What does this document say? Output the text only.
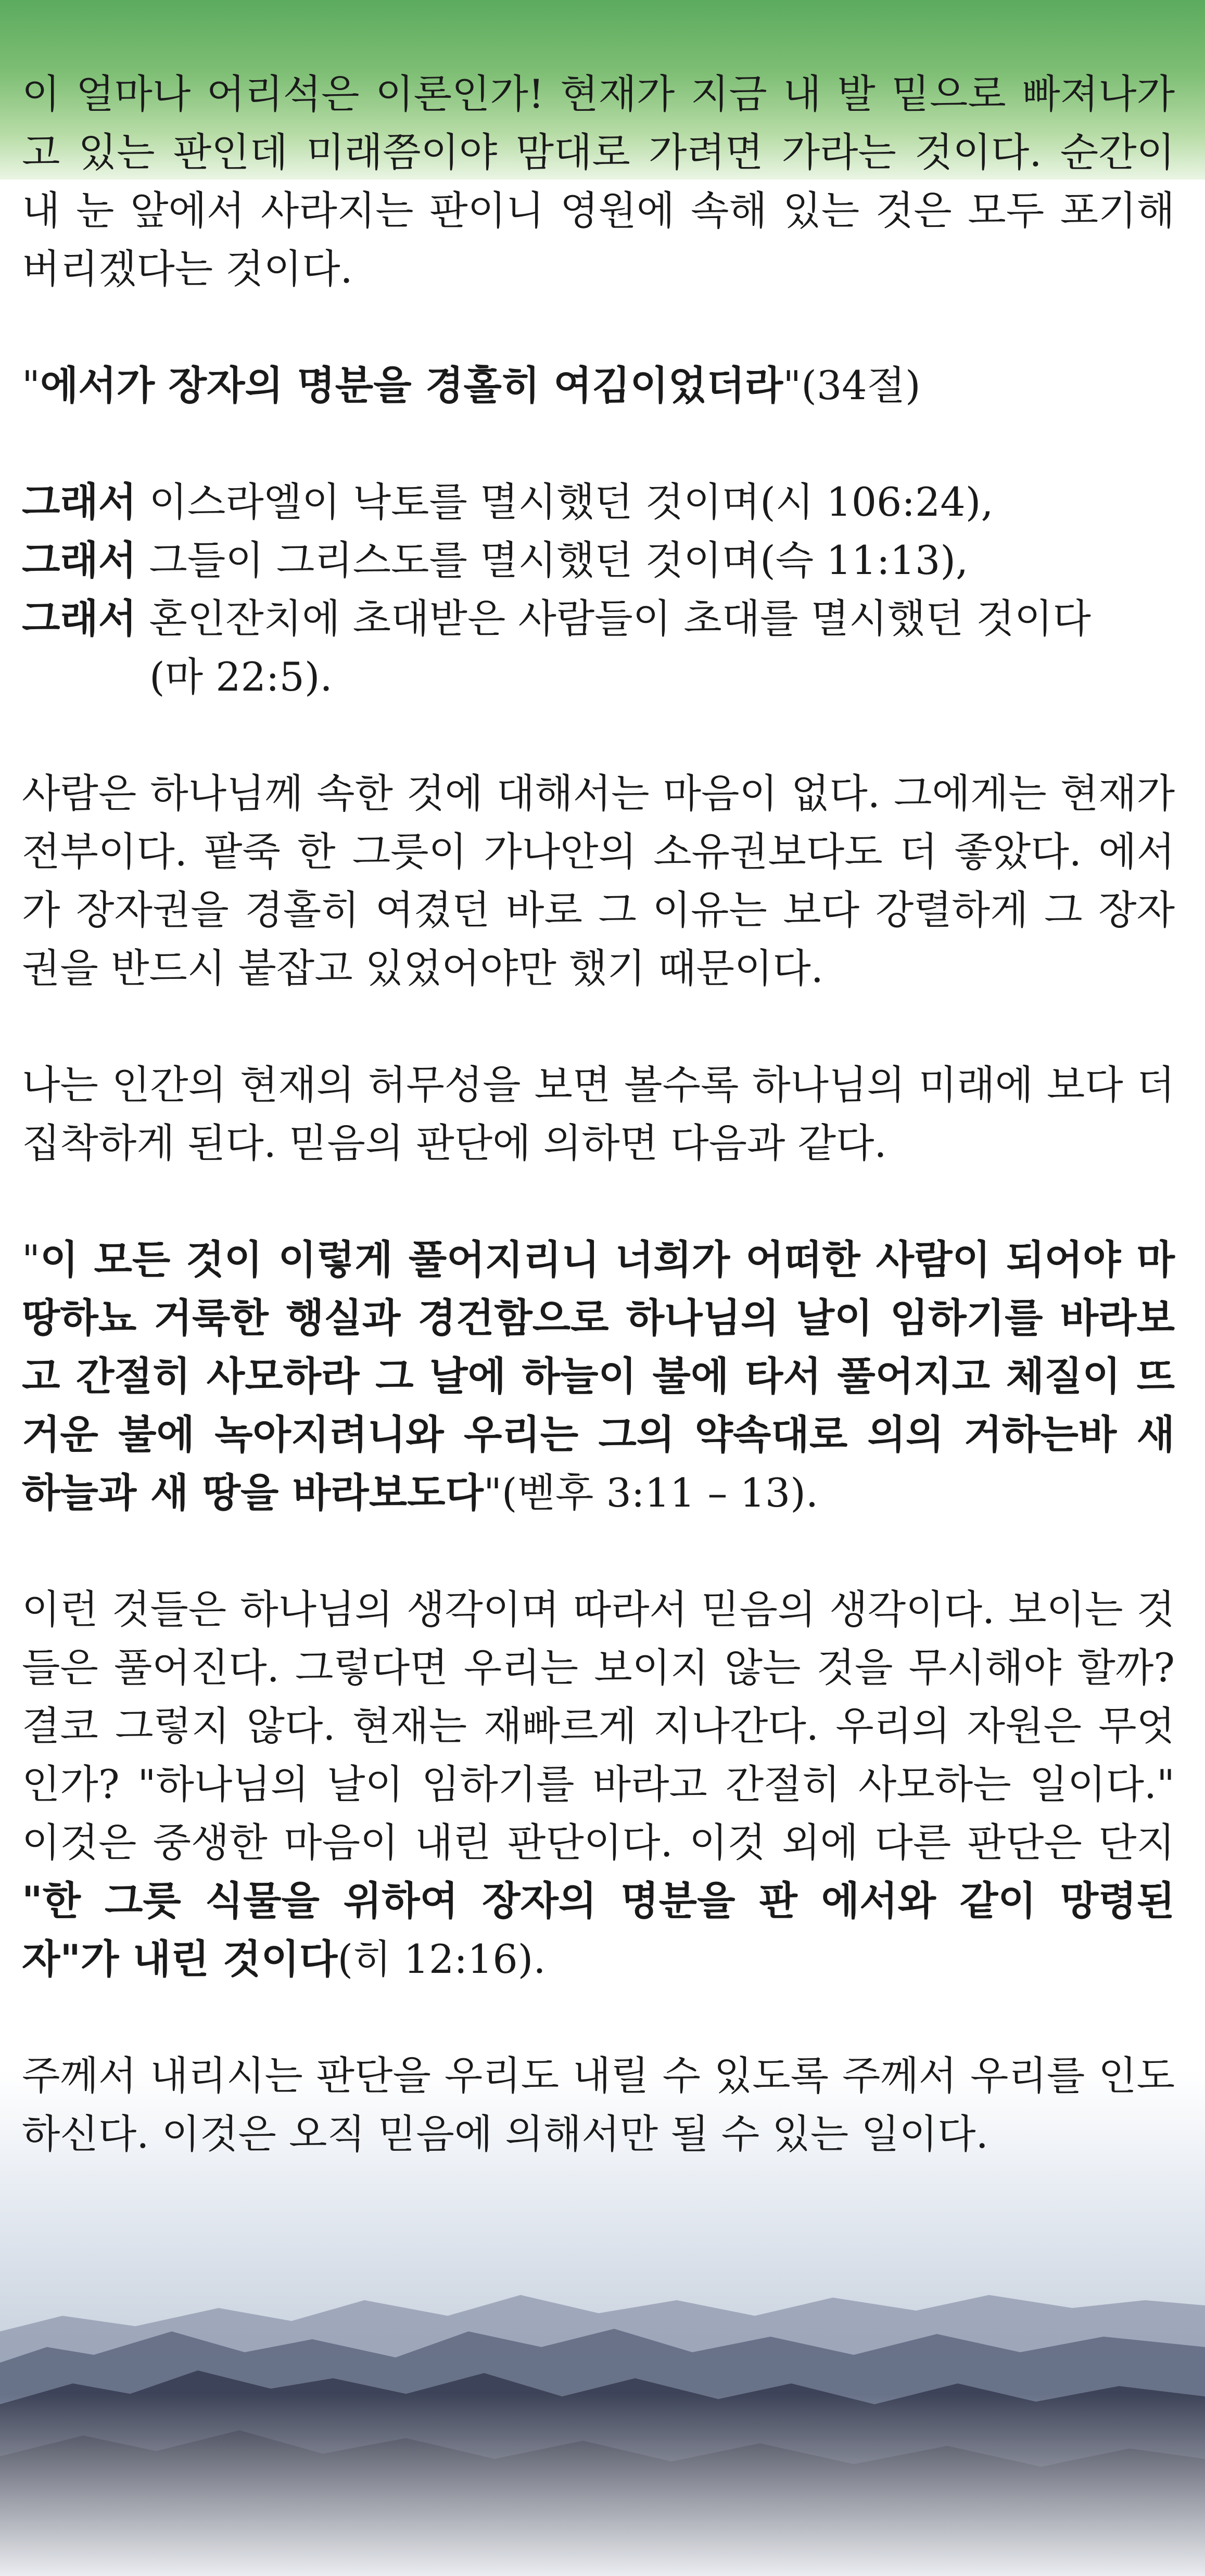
이 얼마나 어리석은 이론인가! 현재가 지금 내 발 밑으로 빠져나가고 있는 판인데 미래쯤이야 맘대로 가려면 가라는 것이다. 순간이 내 눈 앞에서 사라지는 판이니 영원에 속해 있는 것은 모두 포기해 버리겠다는 것이다.

"에서가 장자의 명분을 경홀히 여김이었더라"(34절)

그래서 이스라엘이 낙토를 멸시했던 것이며(시 106:24),
그래서 그들이 그리스도를 멸시했던 것이며(슥 11:13),
그래서 혼인잔치에 초대받은 사람들이 초대를 멸시했던 것이다
(마 22:5).

사람은 하나님께 속한 것에 대해서는 마음이 없다. 그에게는 현재가 전부이다. 팥죽 한 그릇이 가나안의 소유권보다도 더 좋았다. 에서가 장자권을 경홀히 여겼던 바로 그 이유는 보다 강렬하게 그 장자권을 반드시 붙잡고 있었어야만 했기 때문이다.

나는 인간의 현재의 허무성을 보면 볼수록 하나님의 미래에 보다 더 집착하게 된다. 믿음의 판단에 의하면 다음과 같다.

"이 모든 것이 이렇게 풀어지리니 너희가 어떠한 사람이 되어야 마땅하뇨 거룩한 행실과 경건함으로 하나님의 날이 임하기를 바라보고 간절히 사모하라 그 날에 하늘이 불에 타서 풀어지고 체질이 뜨거운 불에 녹아지려니와 우리는 그의 약속대로 의의 거하는바 새 하늘과 새 땅을 바라보도다"(벧후 3:11 – 13).

이런 것들은 하나님의 생각이며 따라서 믿음의 생각이다. 보이는 것들은 풀어진다. 그렇다면 우리는 보이지 않는 것을 무시해야 할까? 결코 그렇지 않다. 현재는 재빠르게 지나간다. 우리의 자원은 무엇인가? "하나님의 날이 임하기를 바라고 간절히 사모하는 일이다." 이것은 중생한 마음이 내린 판단이다. 이것 외에 다른 판단은 단지 "한 그릇 식물을 위하여 장자의 명분을 판 에서와 같이 망령된 자"가 내린 것이다(히 12:16).

주께서 내리시는 판단을 우리도 내릴 수 있도록 주께서 우리를 인도하신다. 이것은 오직 믿음에 의해서만 될 수 있는 일이다.
